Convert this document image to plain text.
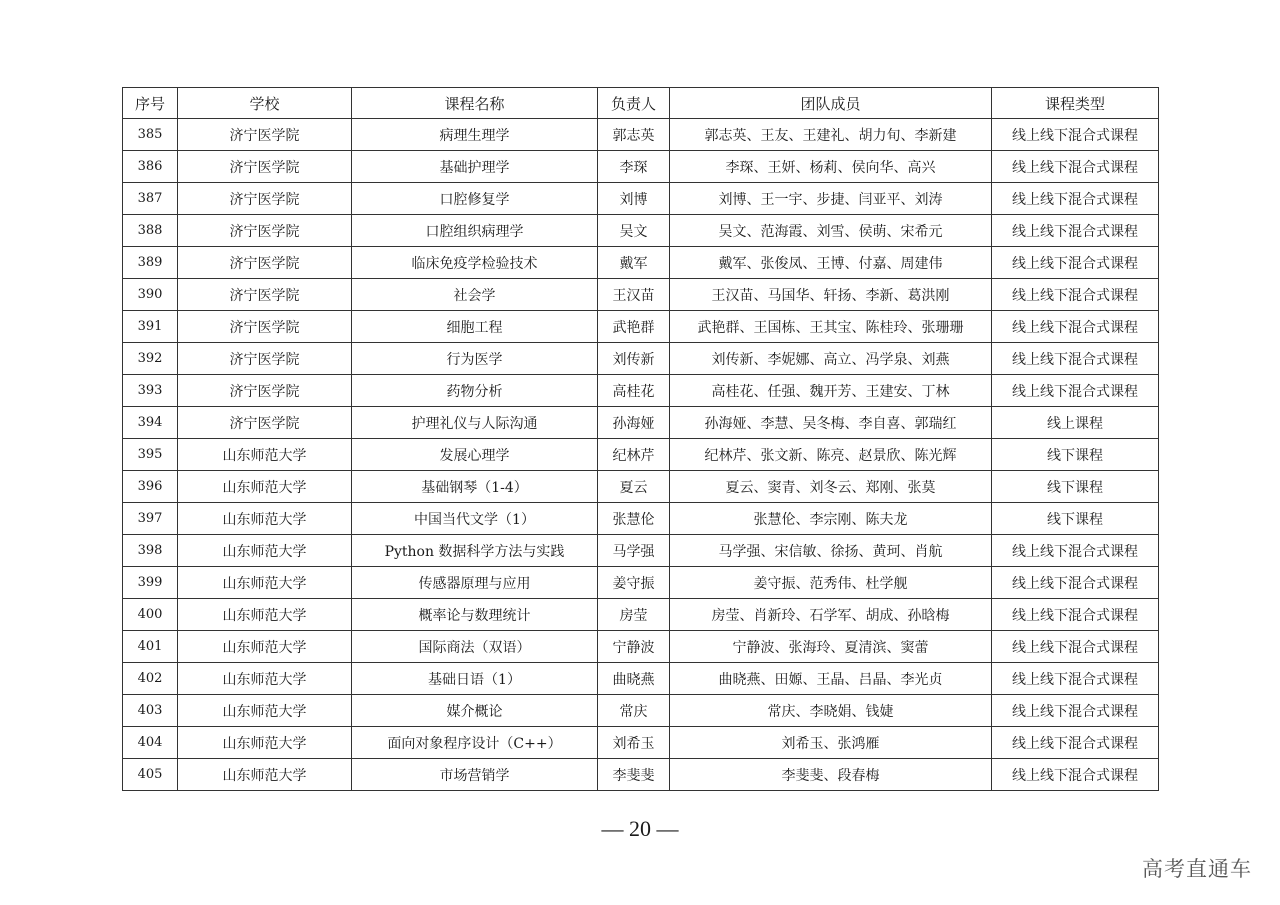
序号	学校	课程名称	负责人	团队成员	课程类型
385	济宁医学院	病理生理学	郭志英	郭志英、王友、王建礼、胡力旬、李新建	线上线下混合式课程
386	济宁医学院	基础护理学	李琛	李琛、王妍、杨莉、侯向华、高兴	线上线下混合式课程
387	济宁医学院	口腔修复学	刘博	刘博、王一宇、步捷、闫亚平、刘涛	线上线下混合式课程
388	济宁医学院	口腔组织病理学	吴文	吴文、范海霞、刘雪、侯萌、宋希元	线上线下混合式课程
389	济宁医学院	临床免疫学检验技术	戴军	戴军、张俊凤、王博、付嘉、周建伟	线上线下混合式课程
390	济宁医学院	社会学	王汉苗	王汉苗、马国华、轩扬、李新、葛洪刚	线上线下混合式课程
391	济宁医学院	细胞工程	武艳群	武艳群、王国栋、王其宝、陈桂玲、张珊珊	线上线下混合式课程
392	济宁医学院	行为医学	刘传新	刘传新、李妮娜、高立、冯学泉、刘燕	线上线下混合式课程
393	济宁医学院	药物分析	高桂花	高桂花、任强、魏开芳、王建安、丁林	线上线下混合式课程
394	济宁医学院	护理礼仪与人际沟通	孙海娅	孙海娅、李慧、吴冬梅、李自喜、郭瑞红	线上课程
395	山东师范大学	发展心理学	纪林芹	纪林芹、张文新、陈亮、赵景欣、陈光辉	线下课程
396	山东师范大学	基础钢琴（1-4）	夏云	夏云、窦青、刘冬云、郑刚、张莫	线下课程
397	山东师范大学	中国当代文学（1）	张慧伦	张慧伦、李宗刚、陈夫龙	线下课程
398	山东师范大学	Python 数据科学方法与实践	马学强	马学强、宋信敏、徐扬、黄珂、肖航	线上线下混合式课程
399	山东师范大学	传感器原理与应用	姜守振	姜守振、范秀伟、杜学舰	线上线下混合式课程
400	山东师范大学	概率论与数理统计	房莹	房莹、肖新玲、石学军、胡成、孙晗梅	线上线下混合式课程
401	山东师范大学	国际商法（双语）	宁静波	宁静波、张海玲、夏清滨、窦蕾	线上线下混合式课程
402	山东师范大学	基础日语（1）	曲晓燕	曲晓燕、田嫄、王晶、吕晶、李光贞	线上线下混合式课程
403	山东师范大学	媒介概论	常庆	常庆、李晓娟、钱婕	线上线下混合式课程
404	山东师范大学	面向对象程序设计（C++）	刘希玉	刘希玉、张鸿雁	线上线下混合式课程
405	山东师范大学	市场营销学	李斐斐	李斐斐、段春梅	线上线下混合式课程
— 20 —
高考直通车
